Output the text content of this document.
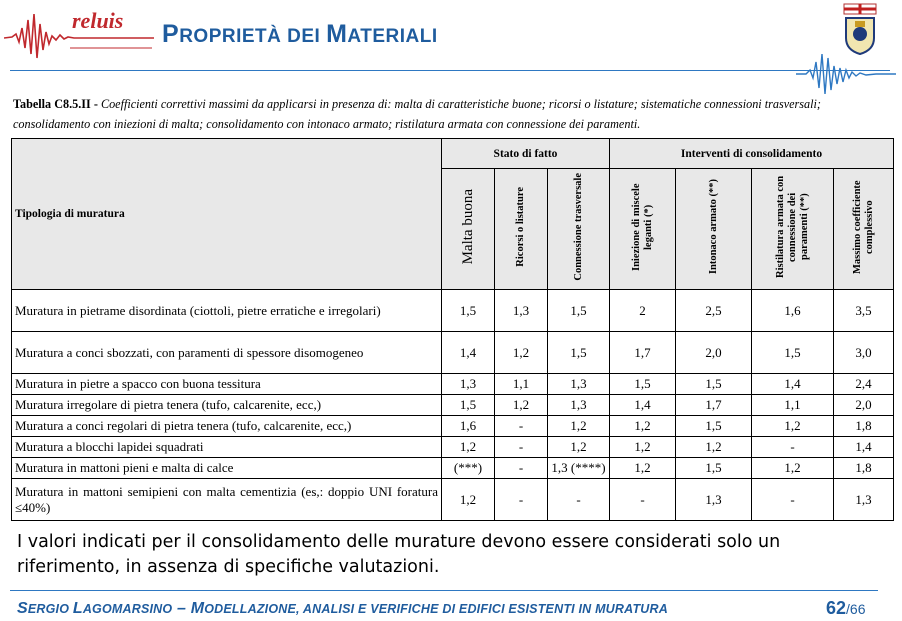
reluis PROPRIETÀ DEI MATERIALI
Tabella C8.5.II - Coefficienti correttivi massimi da applicarsi in presenza di: malta di caratteristiche buone; ricorsi o listature; sistematiche connessioni trasversali; consolidamento con iniezioni di malta; consolidamento con intonaco armato; ristilatura armata con connessione dei paramenti.
Tipologia di muratura	Stato di fatto			Interventi di consolidamento			
	Malta buona	Ricorsi o listature	Connessione trasversale	Iniezione di miscele leganti (*)	Intonaco armato (**)	Ristilatura armata con connessione dei paramenti (**)	Massimo coefficiente complessivo
Muratura in pietrame disordinata (ciottoli, pietre erratiche e irregolari)	1,5	1,3	1,5	2	2,5	1,6	3,5
Muratura a conci sbozzati, con paramenti di spessore disomogeneo	1,4	1,2	1,5	1,7	2,0	1,5	3,0
Muratura in pietre a spacco con buona tessitura	1,3	1,1	1,3	1,5	1,5	1,4	2,4
Muratura irregolare di pietra tenera (tufo, calcarenite, ecc,)	1,5	1,2	1,3	1,4	1,7	1,1	2,0
Muratura a conci regolari di pietra tenera (tufo, calcarenite, ecc,)	1,6	-	1,2	1,2	1,5	1,2	1,8
Muratura a blocchi lapidei squadrati	1,2	-	1,2	1,2	1,2	-	1,4
Muratura in mattoni pieni e malta di calce	(***)	-	1,3 (****)	1,2	1,5	1,2	1,8
Muratura in mattoni semipieni con malta cementizia (es,: doppio UNI foratura ≤40%)	1,2	-	-	-	1,3	-	1,3
I valori indicati per il consolidamento delle murature devono essere considerati solo un riferimento, in assenza di specifiche valutazioni.
SERGIO LAGOMARSINO – MODELLAZIONE, ANALISI E VERIFICHE DI EDIFICI ESISTENTI IN MURATURA	62/66
